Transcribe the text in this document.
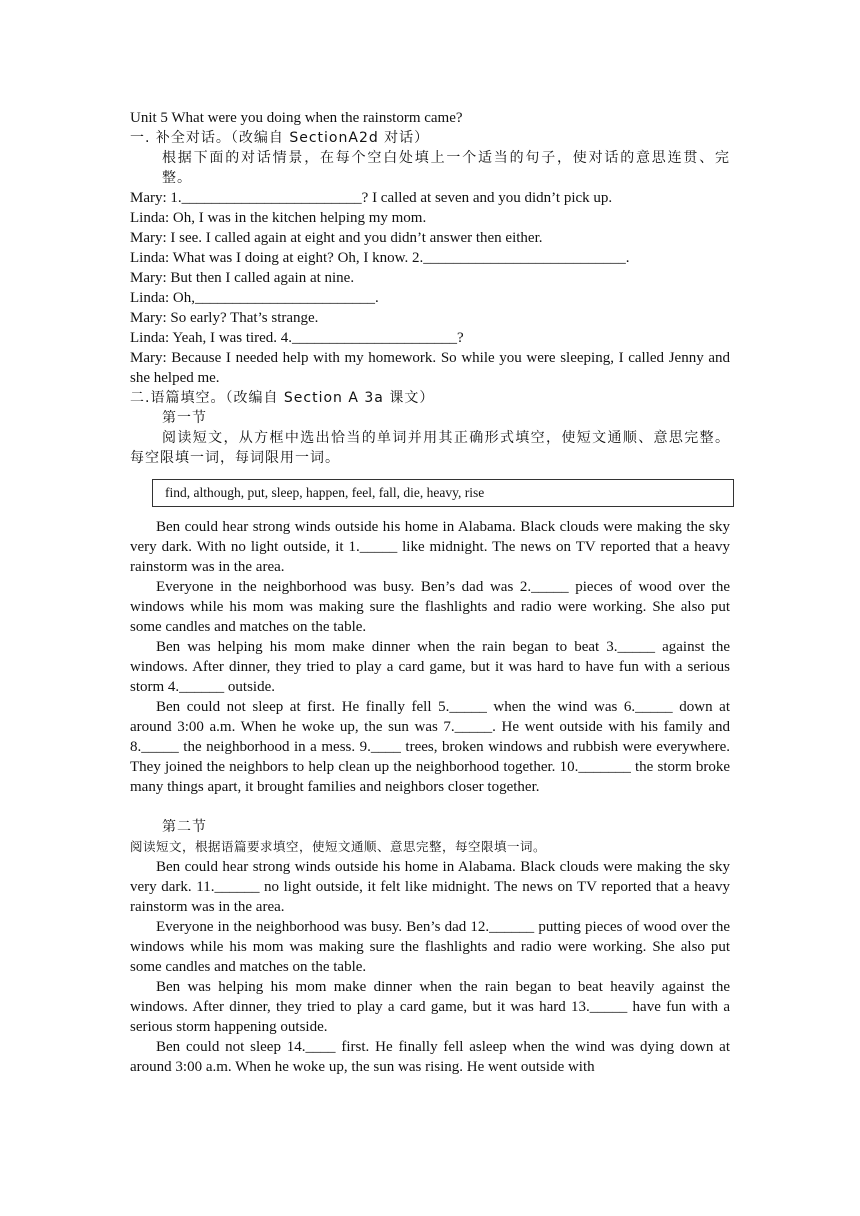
Unit 5 What were you doing when the rainstorm came?

一. 补全对话。（改编自 SectionA2d 对话）

根据下面的对话情景，在每个空白处填上一个适当的句子，使对话的意思连贯、完整。

Mary: 1.________________________? I called at seven and you didn’t pick up.

Linda: Oh, I was in the kitchen helping my mom.

Mary: I see. I called again at eight and you didn’t answer then either.

Linda: What was I doing at eight? Oh, I know. 2.___________________________.

Mary: But then I called again at nine.

Linda: Oh,________________________.

Mary: So early? That’s strange.

Linda: Yeah, I was tired. 4.______________________?

Mary: Because I needed help with my homework. So while you were sleeping, I called Jenny and she helped me.

二.语篇填空。（改编自 Section A 3a 课文）

第一节

阅读短文，从方框中选出恰当的单词并用其正确形式填空，使短文通顺、意思完整。每空限填一词，每词限用一词。

find, although, put, sleep, happen, feel, fall, die, heavy, rise

Ben could hear strong winds outside his home in Alabama. Black clouds were making the sky very dark. With no light outside, it 1._____ like midnight. The news on TV reported that a heavy rainstorm was in the area.

Everyone in the neighborhood was busy. Ben’s dad was 2._____ pieces of wood over the windows while his mom was making sure the flashlights and radio were working. She also put some candles and matches on the table.

Ben was helping his mom make dinner when the rain began to beat 3._____ against the windows. After dinner, they tried to play a card game, but it was hard to have fun with a serious storm 4.______ outside.

Ben could not sleep at first. He finally fell 5._____ when the wind was 6._____ down at around 3:00 a.m. When he woke up, the sun was 7._____. He went outside with his family and 8._____ the neighborhood in a mess. 9.____ trees, broken windows and rubbish were everywhere. They joined the neighbors to help clean up the neighborhood together. 10._______ the storm broke many things apart, it brought families and neighbors closer together.

第二节

阅读短文，根据语篇要求填空，使短文通顺、意思完整，每空限填一词。

Ben could hear strong winds outside his home in Alabama. Black clouds were making the sky very dark. 11.______ no light outside, it felt like midnight. The news on TV reported that a heavy rainstorm was in the area.

Everyone in the neighborhood was busy. Ben’s dad 12.______ putting pieces of wood over the windows while his mom was making sure the flashlights and radio were working. She also put some candles and matches on the table.

Ben was helping his mom make dinner when the rain began to beat heavily against the windows. After dinner, they tried to play a card game, but it was hard 13._____ have fun with a serious storm happening outside.

Ben could not sleep 14.____ first. He finally fell asleep when the wind was dying down at around 3:00 a.m. When he woke up, the sun was rising. He went outside with
